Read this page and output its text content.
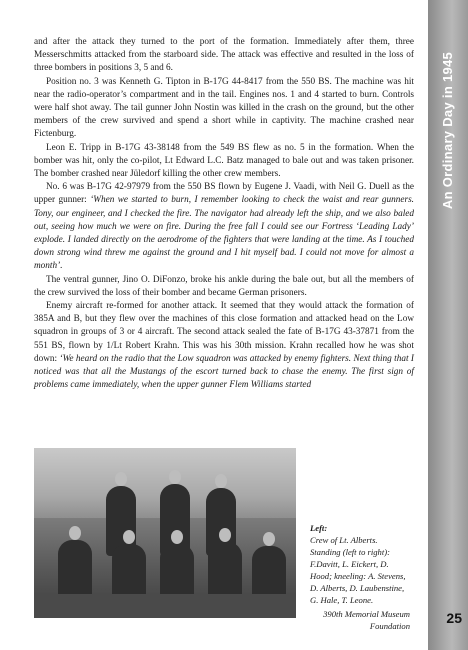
An Ordinary Day in 1945

and after the attack they turned to the port of the formation. Immediately after them, three Messerschmitts attacked from the starboard side. The attack was effective and resulted in the loss of three bombers in positions 3, 5 and 6.

Position no. 3 was Kenneth G. Tipton in B-17G 44-8417 from the 550 BS. The machine was hit near the radio-operator’s compartment and in the tail. Engines nos. 1 and 4 started to burn. Controls were half shot away. The tail gunner John Nostin was killed in the crash on the ground, but the other members of the crew survived and spend a short while in captivity. The machine crashed near Fictenburg.

Leon E. Tripp in B-17G 43-38148 from the 549 BS flew as no. 5 in the formation. When the bomber was hit, only the co-pilot, Lt Edward L.C. Batz managed to bale out and was taken prisoner. The bomber crashed near Jüledorf killing the other crew members.

No. 6 was B-17G 42-97979 from the 550 BS flown by Eugene J. Vaadi, with Neil G. Duell as the upper gunner: ‘When we started to burn, I remember looking to check the waist and rear gunners. Tony, our engineer, and I checked the fire. The navigator had already left the ship, and we also baled out, seeing how much we were on fire. During the free fall I could see our Fortress ‘Leading Lady’ explode. I landed directly on the aerodrome of the fighters that were landing at the time. As I touched down strong wind threw me against the ground and I hit myself bad. I could not move for almost a month’.

The ventral gunner, Jino O. DiFonzo, broke his ankle during the bale out, but all the members of the crew survived the loss of their bomber and became German prisoners.

Enemy aircraft re-formed for another attack. It seemed that they would attack the formation of 385A and B, but they flew over the machines of this close formation and attacked head on the Low squadron in groups of 3 or 4 aircraft. The second attack sealed the fate of B-17G 43-37871 from the 551 BS, flown by 1/Lt Robert Krahn. This was his 30th mission. Krahn recalled how he was shot down: ‘We heard on the radio that the Low squadron was attacked by enemy fighters. Next thing that I noticed was that all the Mustangs of the escort turned back to chase the enemy. The first sign of problems came immediately, when the upper gunner Flem Williams started

Left:
Crew of Lt. Alberts. Standing (left to right): F.Davitt, L. Eickert, D. Hood; kneeling: A. Stevens, D. Alberts, D. Laubenstine, G. Hale, T. Leone.
390th Memorial Museum Foundation	25
